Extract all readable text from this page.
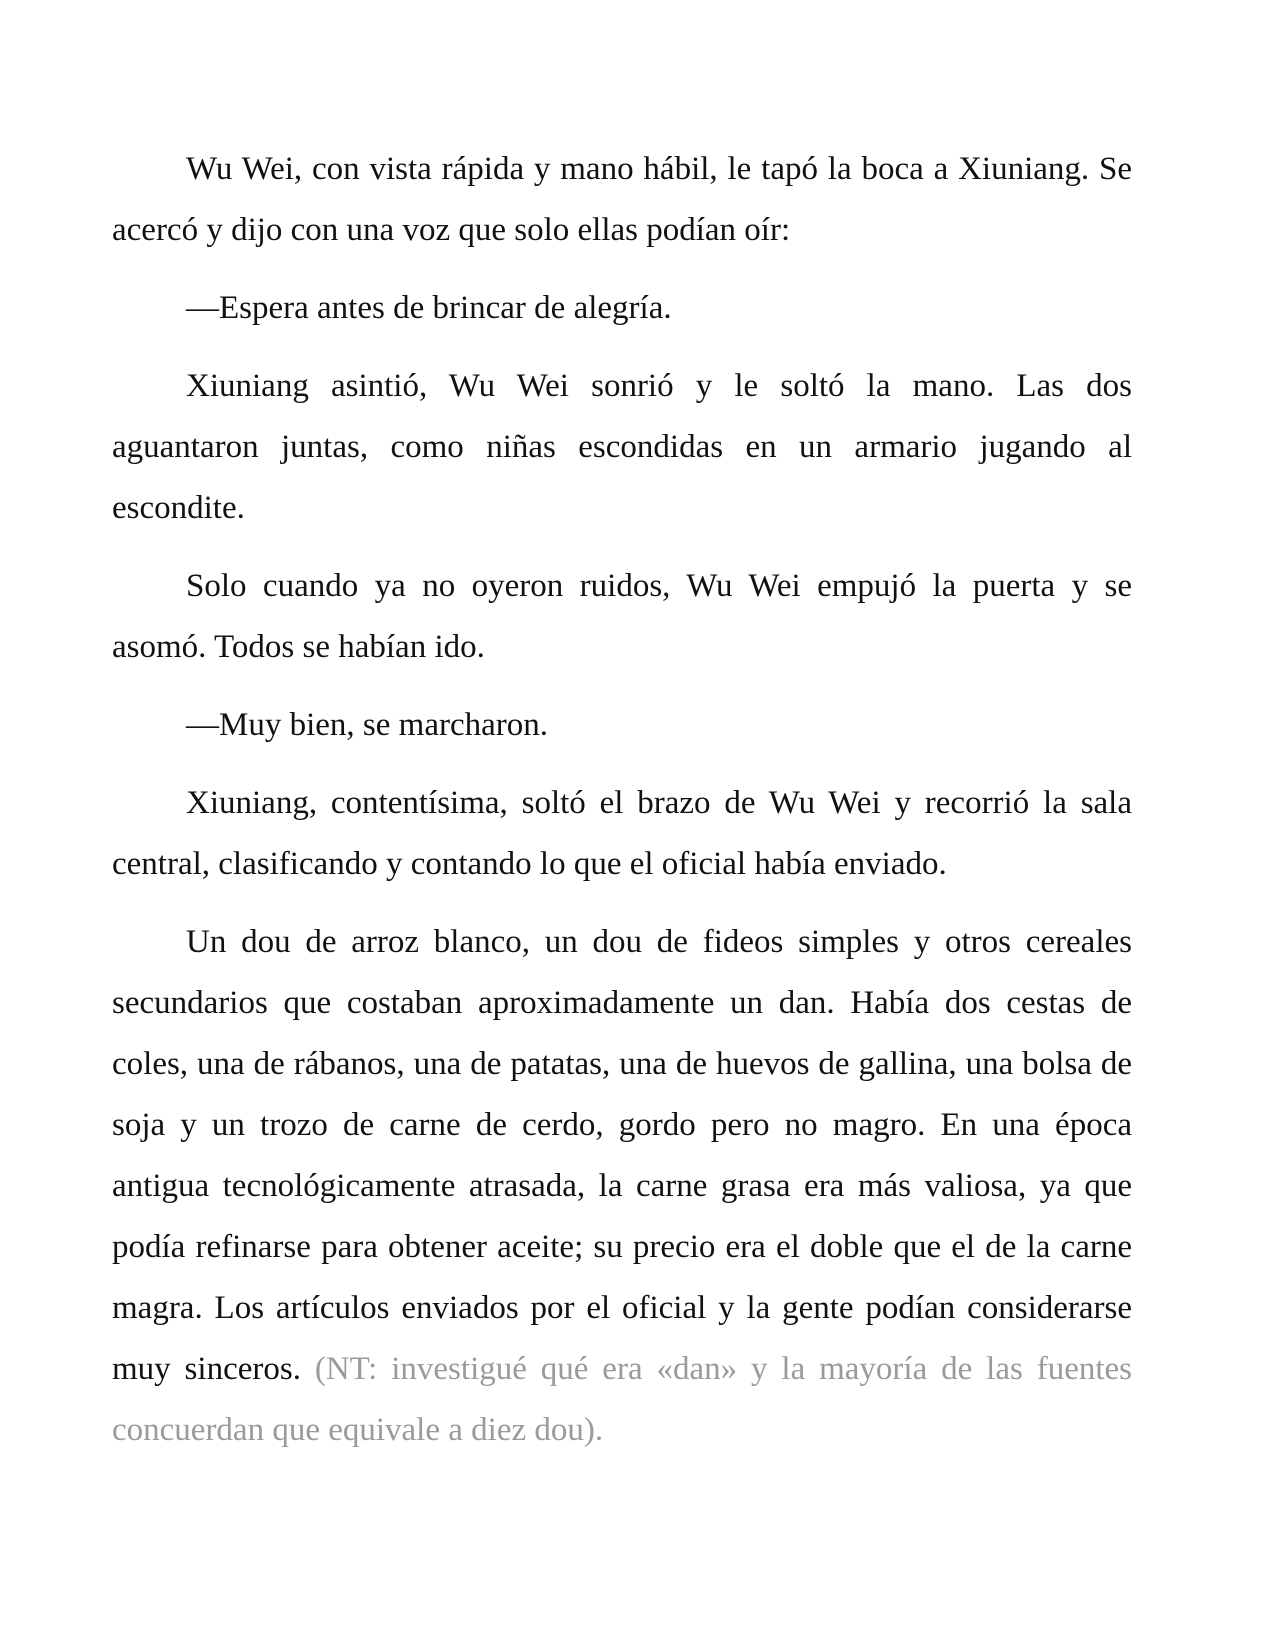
Wu Wei, con vista rápida y mano hábil, le tapó la boca a Xiuniang. Se acercó y dijo con una voz que solo ellas podían oír:

—Espera antes de brincar de alegría.

Xiuniang asintió, Wu Wei sonrió y le soltó la mano. Las dos aguantaron juntas, como niñas escondidas en un armario jugando al escondite.

Solo cuando ya no oyeron ruidos, Wu Wei empujó la puerta y se asomó. Todos se habían ido.

—Muy bien, se marcharon.

Xiuniang, contentísima, soltó el brazo de Wu Wei y recorrió la sala central, clasificando y contando lo que el oficial había enviado.

Un dou de arroz blanco, un dou de fideos simples y otros cereales secundarios que costaban aproximadamente un dan. Había dos cestas de coles, una de rábanos, una de patatas, una de huevos de gallina, una bolsa de soja y un trozo de carne de cerdo, gordo pero no magro. En una época antigua tecnológicamente atrasada, la carne grasa era más valiosa, ya que podía refinarse para obtener aceite; su precio era el doble que el de la carne magra. Los artículos enviados por el oficial y la gente podían considerarse muy sinceros. (NT: investigué qué era «dan» y la mayoría de las fuentes concuerdan que equivale a diez dou).
